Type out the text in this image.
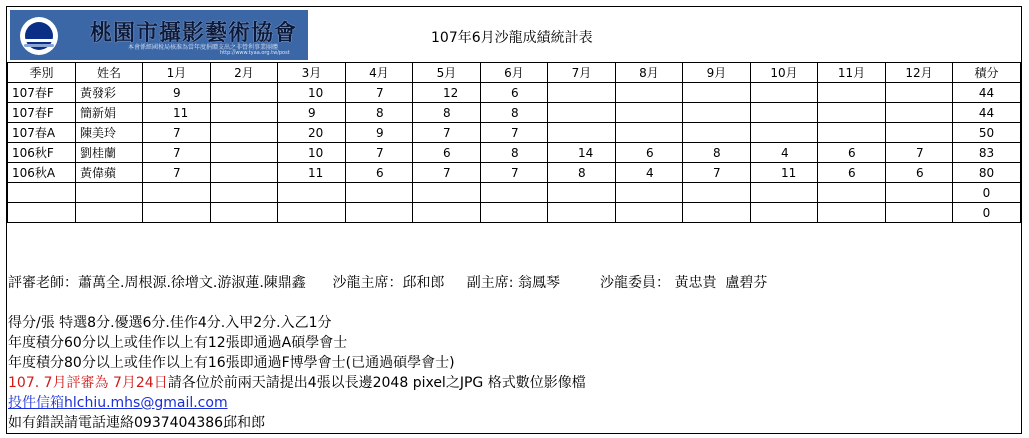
桃園市攝影藝術協會
本會係經國稅局核准為當年度捐贈支出之非營利事業團體
http://www.tyaa.org.tw/post
107年6月沙龍成績統計表
季別	姓名	1月	2月	3月	4月	5月	6月	7月	8月	9月	10月	11月	12月	積分
107春F	黃發彩	9		10	7	12	6							44
107春F	簡新娟	11		9	8	8	8							44
107春A	陳美玲	7		20	9	7	7							50
106秋F	劉桂蘭	7		10	7	6	8	14	6	8	4	6	7	83
106秋A	黃偉蘋	7		11	6	7	7	8	4	7	11	6	6	80
														0
														0
評審老師：蕭萬全.周根源.徐增文.游淑蓮.陳鼎鑫 沙龍主席：邱和郎 副主席: 翁鳳琴	沙龍委員： 黃忠貴  盧碧芬
得分/張 特選8分.優選6分.佳作4分.入甲2分.入乙1分
年度積分60分以上或佳作以上有12張即通過A碩學會士
年度積分80分以上或佳作以上有16張即通過F博學會士(已通過碩學會士)
107. 7月評審為 7月24日請各位於前兩天請提出4張以長邊2048 pixel之JPG 格式數位影像檔
投件信箱hlchiu.mhs@gmail.com
如有錯誤請電話連絡0937404386邱和郎
